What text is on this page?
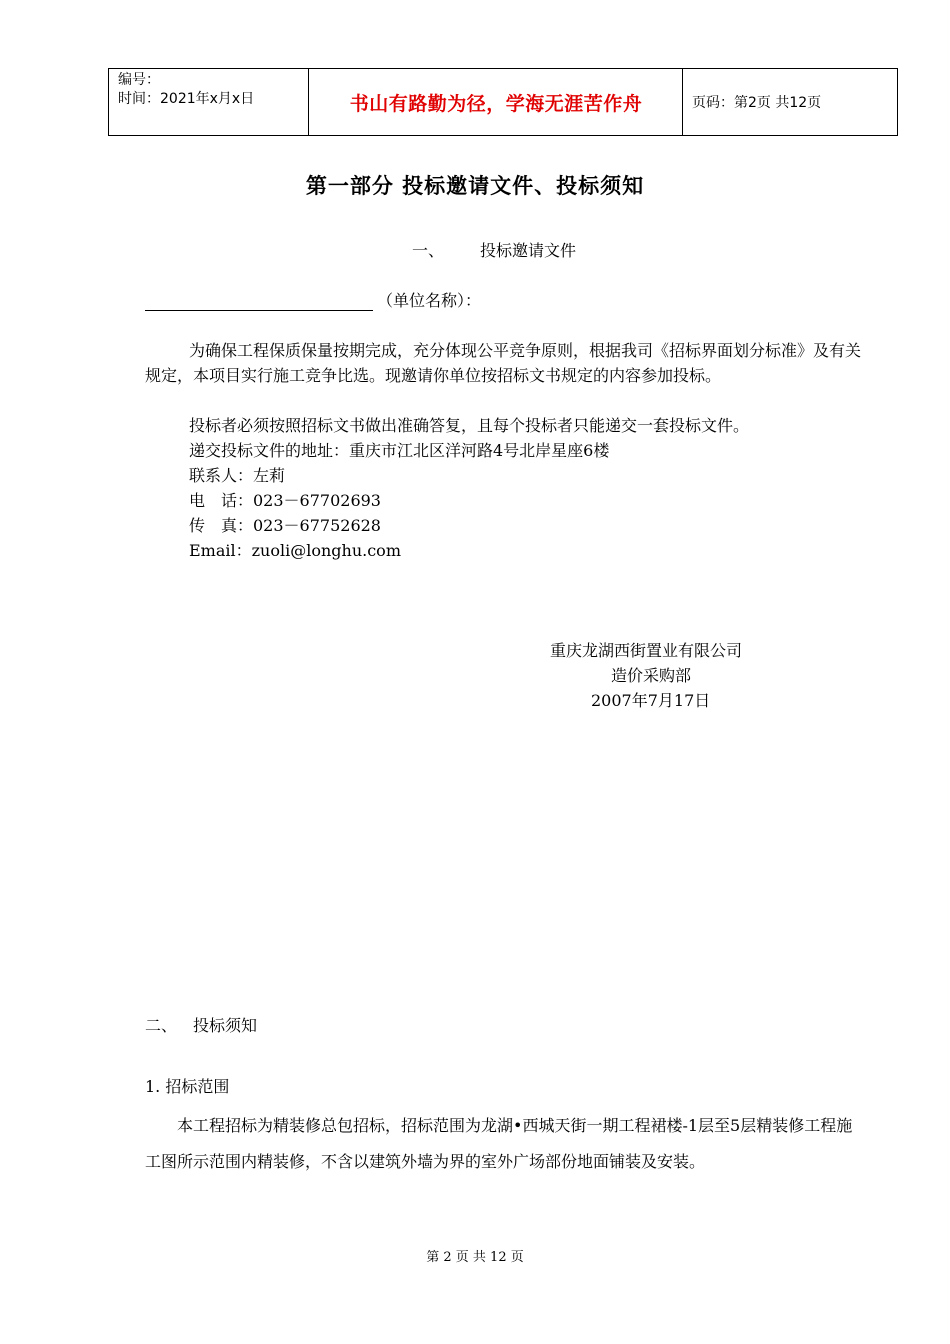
编号：
时间：2021年x月x日	书山有路勤为径，学海无涯苦作舟	页码：第2页 共12页
第一部分 投标邀请文件、投标须知
一、 投标邀请文件
（单位名称）：
为确保工程保质保量按期完成，充分体现公平竞争原则，根据我司《招标界面划分标准》及有关规定，本项目实行施工竞争比选。现邀请你单位按招标文书规定的内容参加投标。
投标者必须按照招标文书做出准确答复，且每个投标者只能递交一套投标文件。
递交投标文件的地址：重庆市江北区洋河路4号北岸星座6楼
联系人：左莉
电　话：023－67702693
传　真：023－67752628
Email：zuoli@longhu.com
重庆龙湖西街置业有限公司
造价采购部
2007年7月17日
二、 投标须知
1. 招标范围
本工程招标为精装修总包招标，招标范围为龙湖•西城天街一期工程裙楼-1层至5层精装修工程施工图所示范围内精装修，不含以建筑外墙为界的室外广场部份地面铺装及安装。
第 2 页 共 12 页
